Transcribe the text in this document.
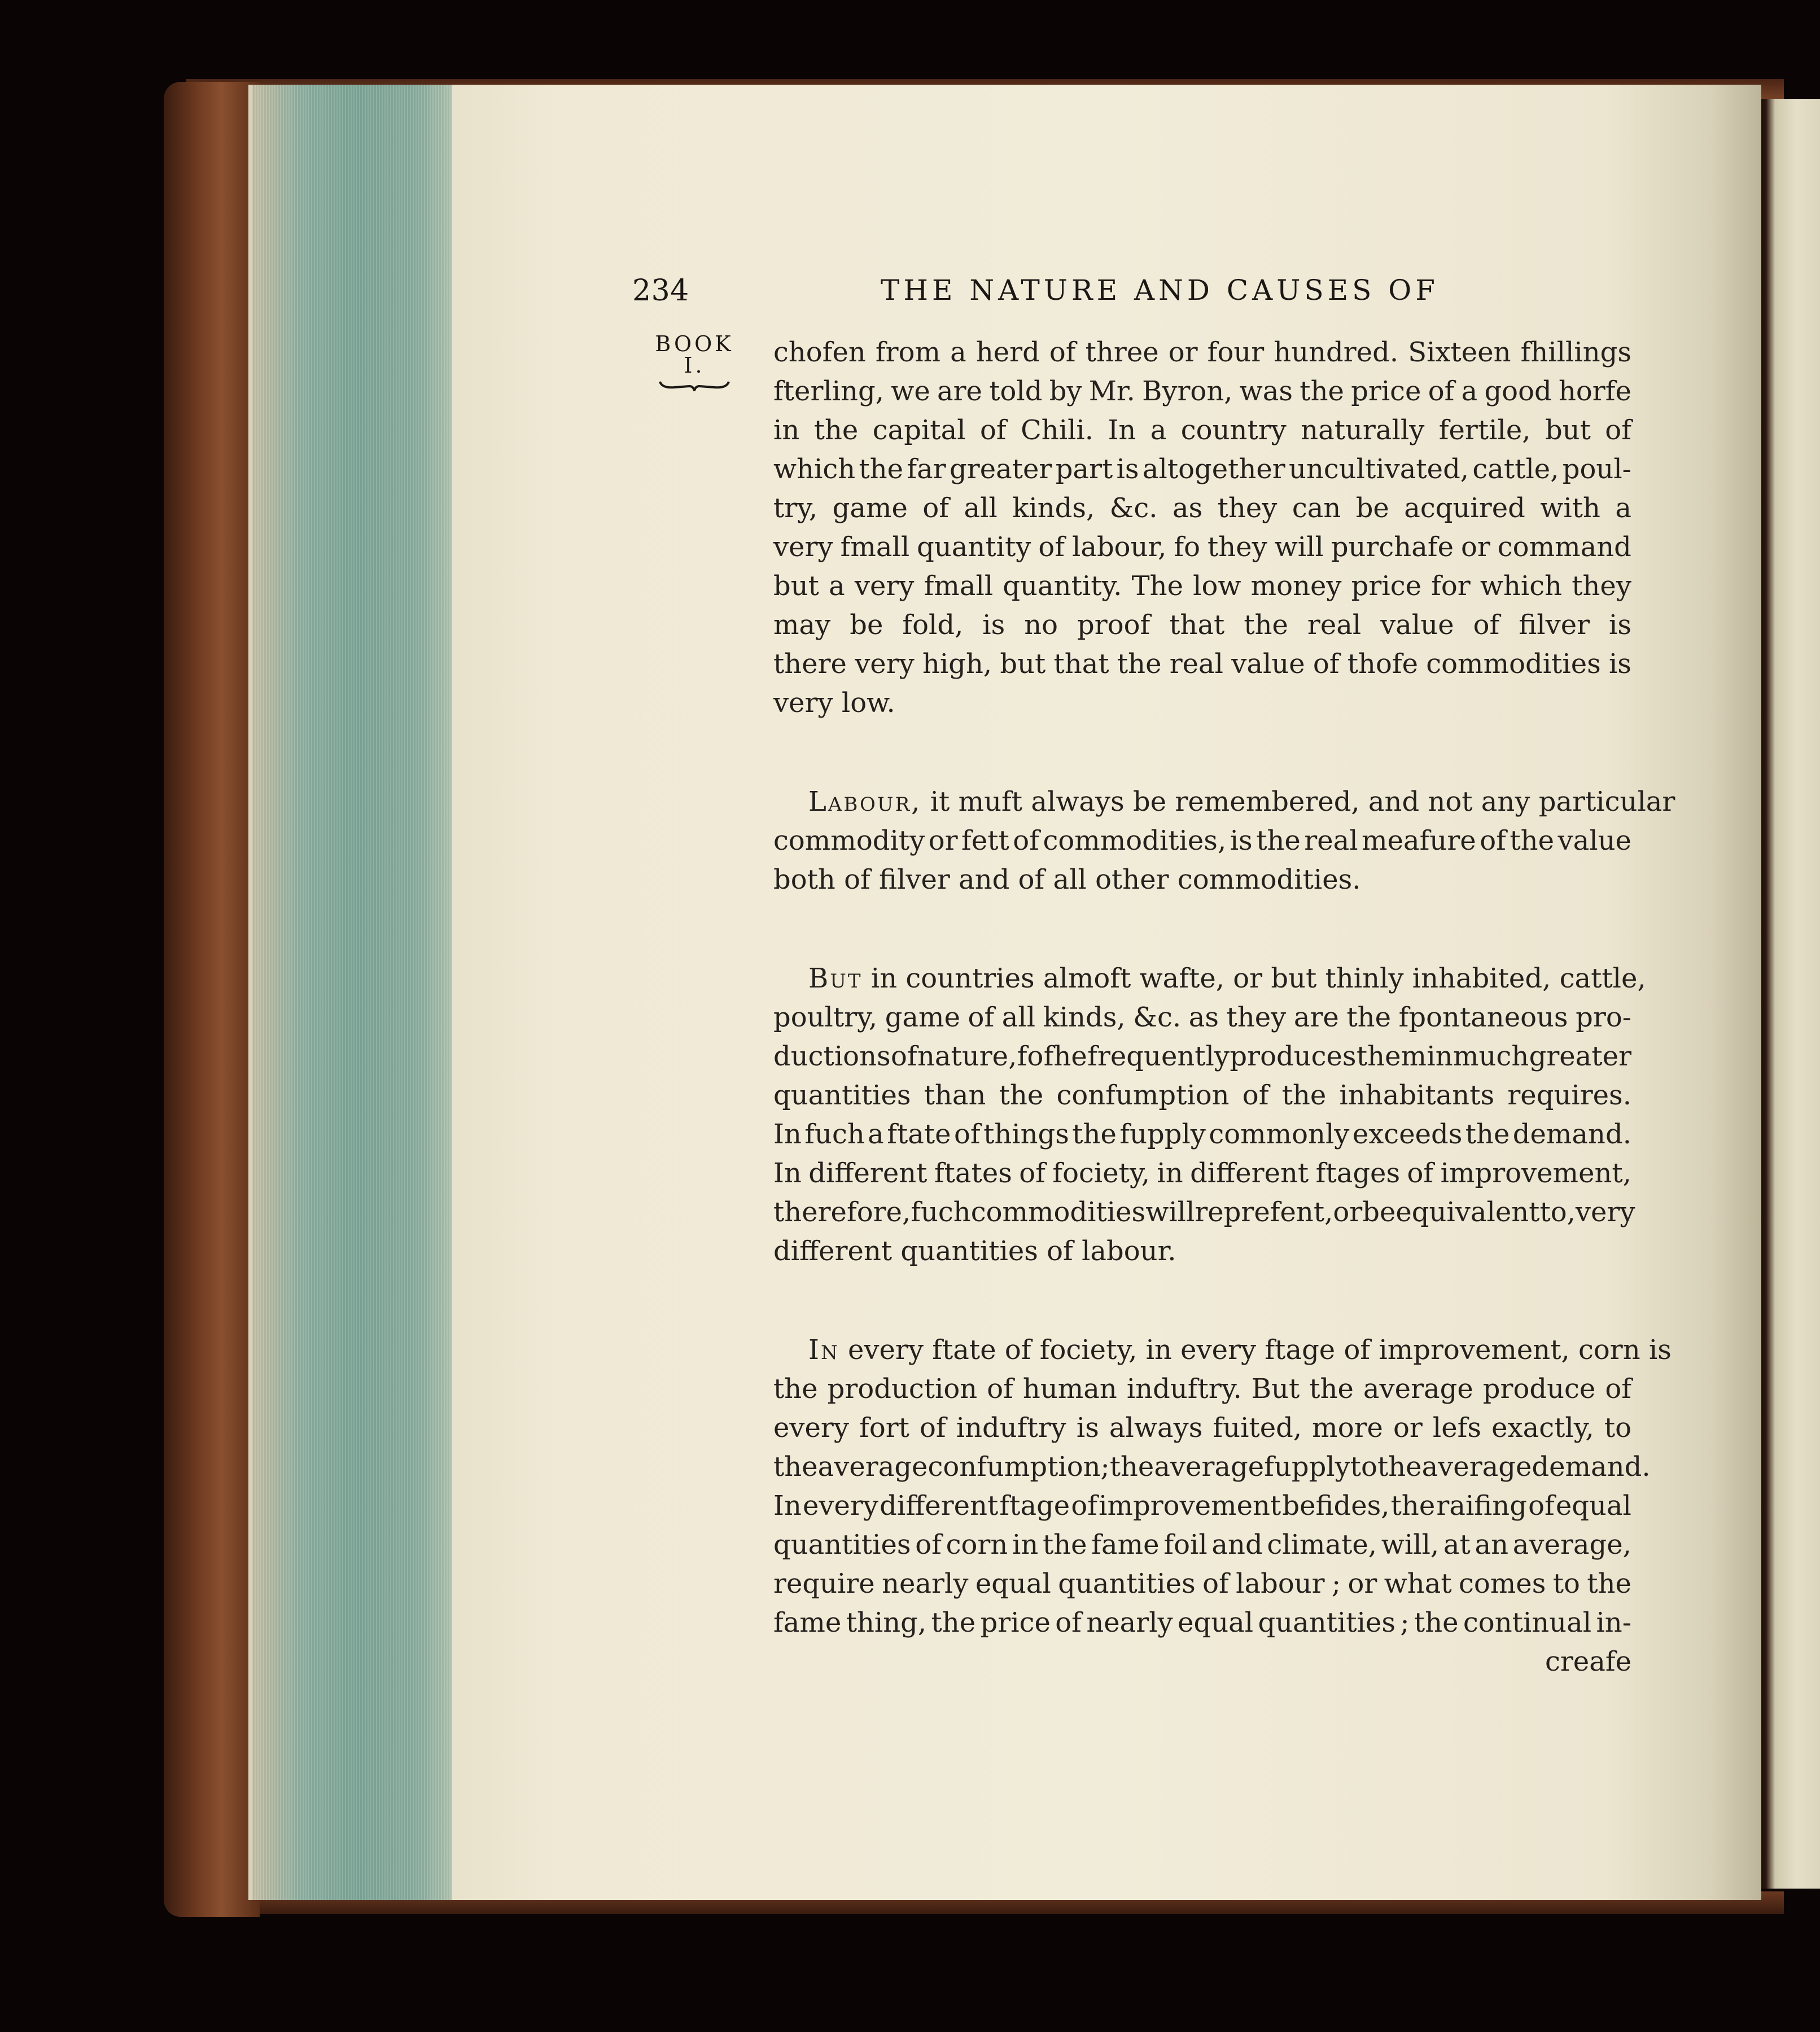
234	THE NATURE AND CAUSES OF
BOOK
I.	chofen from a herd of three or four hundred. Sixteen fhillings
fterling, we are told by Mr. Byron, was the price of a good horfe
in the capital of Chili. In a country naturally fertile, but of
which the far greater part is altogether uncultivated, cattle, poul-
try, game of all kinds, &c. as they can be acquired with a
very fmall quantity of labour, fo they will purchafe or command
but a very fmall quantity. The low money price for which they
may be fold, is no proof that the real value of filver is
there very high, but that the real value of thofe commodities is
very low.
Labour, it muft always be remembered, and not any particular
commodity or fett of commodities, is the real meafure of the value
both of filver and of all other commodities.
But in countries almoft wafte, or but thinly inhabited, cattle,
poultry, game of all kinds, &c. as they are the fpontaneous pro-
ductions of nature, fo fhe frequently produces them in much greater
quantities than the confumption of the inhabitants requires.
In fuch a ftate of things the fupply commonly exceeds the demand.
In different ftates of fociety, in different ftages of improvement,
therefore, fuch commodities will reprefent, or be equivalent to, very
different quantities of labour.
In every ftate of fociety, in every ftage of improvement, corn is
the production of human induftry. But the average produce of
every fort of induftry is always fuited, more or lefs exactly, to
the average confumption ; the average fupply to the average demand.
In every different ftage of improvement befides, the raifing of equal
quantities of corn in the fame foil and climate, will, at an average,
require nearly equal quantities of labour ; or what comes to the
fame thing, the price of nearly equal quantities ; the continual in-
creafe
